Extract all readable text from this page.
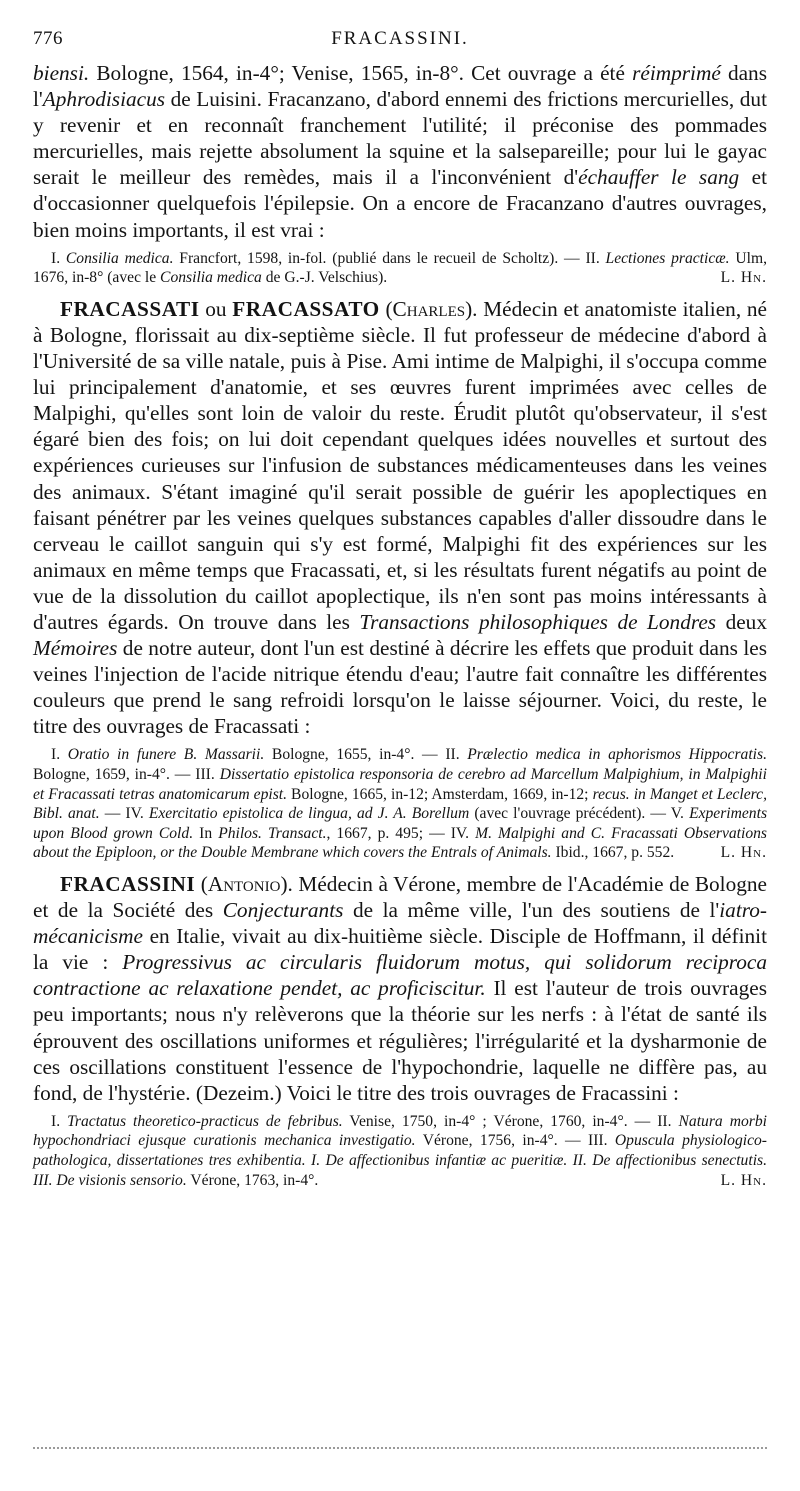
776	FRACASSINI.

biensi. Bologne, 1564, in-4°; Venise, 1565, in-8°. Cet ouvrage a été réimprimé dans l'Aphrodisiacus de Luisini. Fracanzano, d'abord ennemi des frictions mercurielles, dut y revenir et en reconnaît franchement l'utilité; il préconise des pommades mercurielles, mais rejette absolument la squine et la salsepareille; pour lui le gayac serait le meilleur des remèdes, mais il a l'inconvénient d'échauffer le sang et d'occasionner quelquefois l'épilepsie. On a encore de Fracanzano d'autres ouvrages, bien moins importants, il est vrai :

I. Consilia medica. Francfort, 1598, in-fol. (publié dans le recueil de Scholtz). — II. Lectiones practicæ. Ulm, 1676, in-8° (avec le Consilia medica de G.-J. Velschius).	L. Hn.

FRACASSATI ou FRACASSATO (Charles). Médecin et anatomiste italien, né à Bologne, florissait au dix-septième siècle. Il fut professeur de médecine d'abord à l'Université de sa ville natale, puis à Pise. Ami intime de Malpighi, il s'occupa comme lui principalement d'anatomie, et ses œuvres furent imprimées avec celles de Malpighi, qu'elles sont loin de valoir du reste. Érudit plutôt qu'observateur, il s'est égaré bien des fois; on lui doit cependant quelques idées nouvelles et surtout des expériences curieuses sur l'infusion de substances médicamenteuses dans les veines des animaux. S'étant imaginé qu'il serait possible de guérir les apoplectiques en faisant pénétrer par les veines quelques substances capables d'aller dissoudre dans le cerveau le caillot sanguin qui s'y est formé, Malpighi fit des expériences sur les animaux en même temps que Fracassati, et, si les résultats furent négatifs au point de vue de la dissolution du caillot apoplectique, ils n'en sont pas moins intéressants à d'autres égards. On trouve dans les Transactions philosophiques de Londres deux Mémoires de notre auteur, dont l'un est destiné à décrire les effets que produit dans les veines l'injection de l'acide nitrique étendu d'eau; l'autre fait connaître les différentes couleurs que prend le sang refroidi lorsqu'on le laisse séjourner. Voici, du reste, le titre des ouvrages de Fracassati :

I. Oratio in funere B. Massarii. Bologne, 1655, in-4°. — II. Prælectio medica in aphorismos Hippocratis. Bologne, 1659, in-4°. — III. Dissertatio epistolica responsoria de cerebro ad Marcellum Malpighium, in Malpighii et Fracassati tetras anatomicarum epist. Bologne, 1665, in-12; Amsterdam, 1669, in-12; recus. in Manget et Leclerc, Bibl. anat. — IV. Exercitatio epistolica de lingua, ad J. A. Borellum (avec l'ouvrage précédent). — V. Experiments upon Blood grown Cold. In Philos. Transact., 1667, p. 495; — IV. M. Malpighi and C. Fracassati Observations about the Epiploon, or the Double Membrane which covers the Entrals of Animals. Ibid., 1667, p. 552.	L. Hn.

FRACASSINI (Antonio). Médecin à Vérone, membre de l'Académie de Bologne et de la Société des Conjecturants de la même ville, l'un des soutiens de l'iatro-mécanicisme en Italie, vivait au dix-huitième siècle. Disciple de Hoffmann, il définit la vie : Progressivus ac circularis fluidorum motus, qui solidorum reciproca contractione ac relaxatione pendet, ac proficiscitur. Il est l'auteur de trois ouvrages peu importants; nous n'y relèverons que la théorie sur les nerfs : à l'état de santé ils éprouvent des oscillations uniformes et régulières; l'irrégularité et la dysharmonie de ces oscillations constituent l'essence de l'hypochondrie, laquelle ne diffère pas, au fond, de l'hystérie. (Dezeim.) Voici le titre des trois ouvrages de Fracassini :

I. Tractatus theoretico-practicus de febribus. Venise, 1750, in-4° ; Vérone, 1760, in-4°. — II. Natura morbi hypochondriaci ejusque curationis mechanica investigatio. Vérone, 1756, in-4°. — III. Opuscula physiologico-pathologica, dissertationes tres exhibentia. I. De affectionibus infantiæ ac pueritiæ. II. De affectionibus senectutis. III. De visionis sensorio. Vérone, 1763, in-4°.	L. Hn.
